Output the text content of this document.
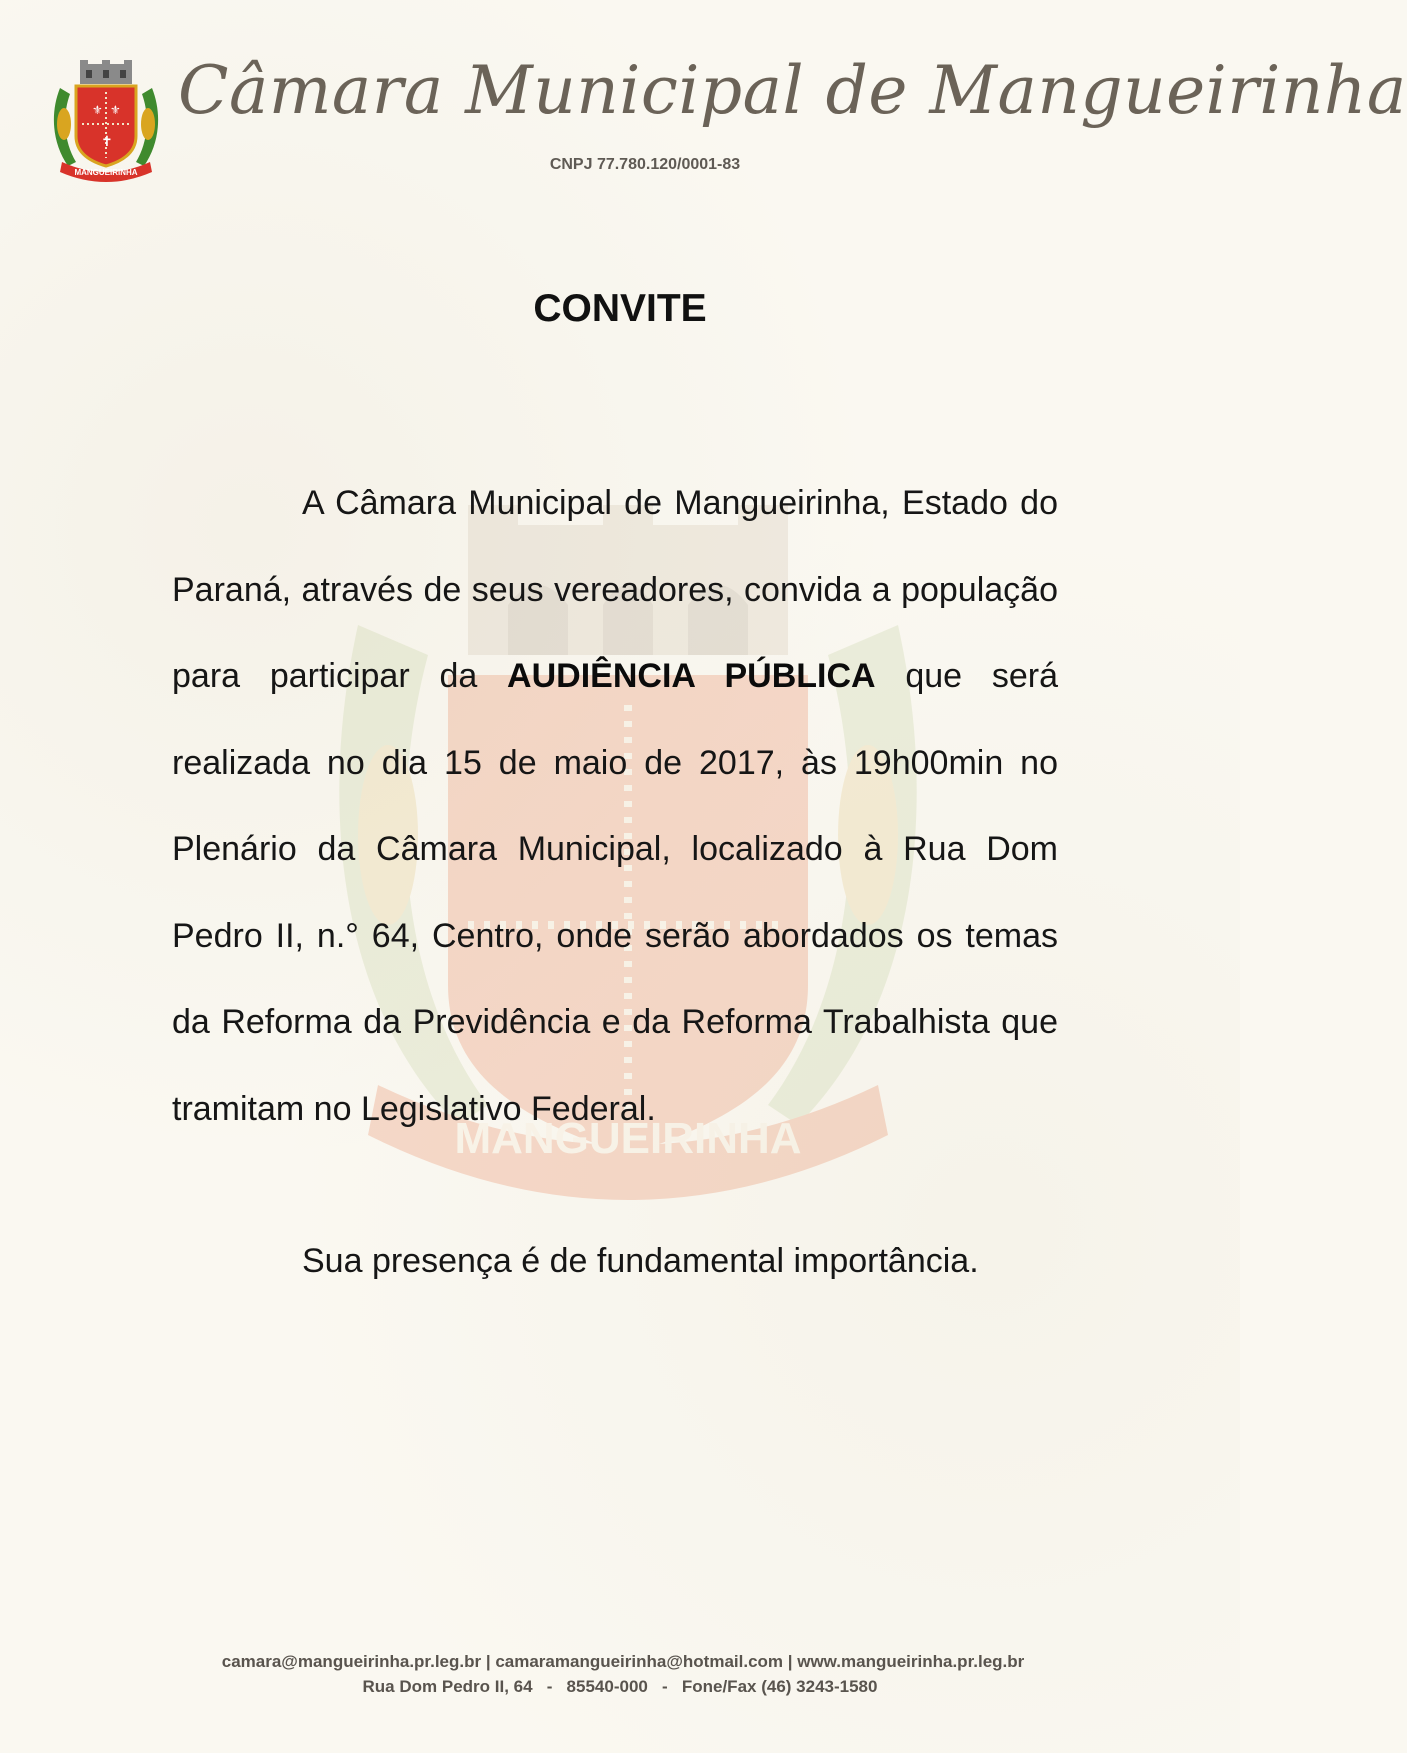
⚜ ⚜
✝
MANGUEIRINHA
Câmara Municipal de Mangueirinha
CNPJ 77.780.120/0001-83
MANGUEIRINHA
CONVITE

A Câmara Municipal de Mangueirinha, Estado do Paraná, através de seus vereadores, convida a população para participar da AUDIÊNCIA PÚBLICA que será realizada no dia 15 de maio de 2017, às 19h00min no Plenário da Câmara Municipal, localizado à Rua Dom Pedro II, n.° 64, Centro, onde serão abordados os temas da Reforma da Previdência e da Reforma Trabalhista que tramitam no Legislativo Federal.

Sua presença é de fundamental importância.
camara@mangueirinha.pr.leg.br | camaramangueirinha@hotmail.com | www.mangueirinha.pr.leg.br
Rua Dom Pedro II, 64   -   85540-000   -   Fone/Fax (46) 3243-1580
